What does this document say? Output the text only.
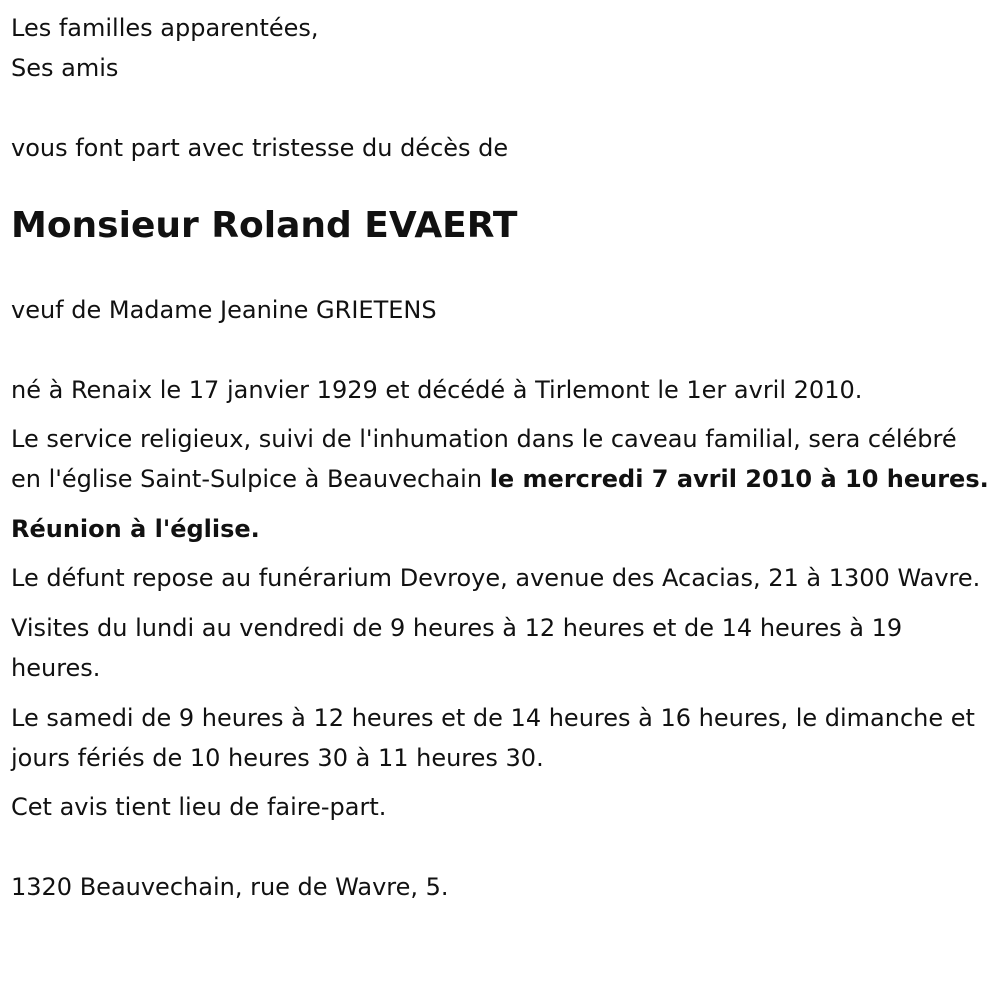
Les familles apparentées,

Ses amis

vous font part avec tristesse du décès de

Monsieur Roland EVAERT

veuf de Madame Jeanine GRIETENS

né à Renaix le 17 janvier 1929 et décédé à Tirlemont le 1er avril 2010.

Le service religieux, suivi de l'inhumation dans le caveau familial, sera célébré en l'église Saint-Sulpice à Beauvechain le mercredi 7 avril 2010 à 10 heures.

Réunion à l'église.

Le défunt repose au funérarium Devroye, avenue des Acacias, 21 à 1300 Wavre.

Visites du lundi au vendredi de 9 heures à 12 heures et de 14 heures à 19 heures.

Le samedi de 9 heures à 12 heures et de 14 heures à 16 heures, le dimanche et jours fériés de 10 heures 30 à 11 heures 30.

Cet avis tient lieu de faire-part.

1320 Beauvechain, rue de Wavre, 5.
